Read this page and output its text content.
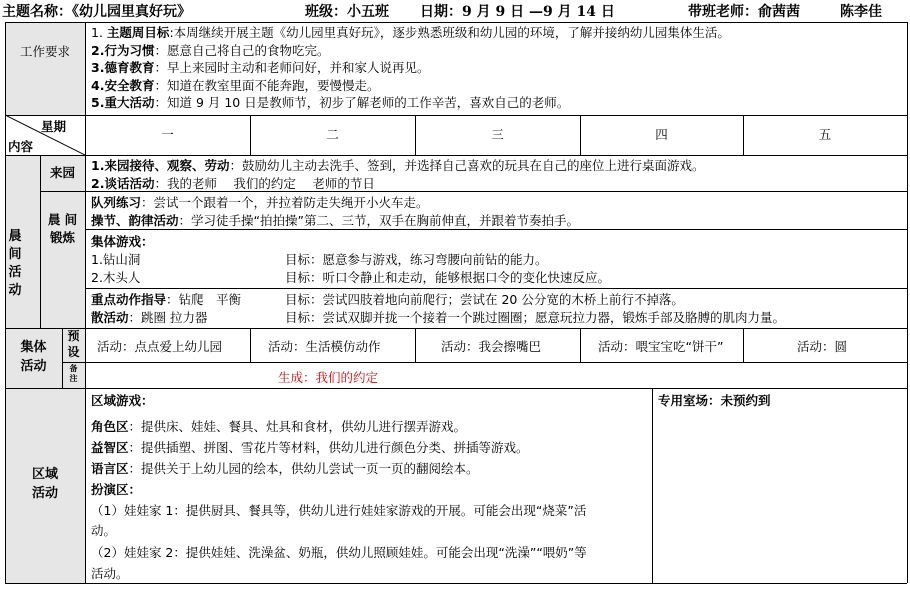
主题名称：《幼儿园里真好玩》	班级：小五班 日期：9 月 9 日 —9 月 14 日	带班老师：俞茜茜	陈李佳
工作要求
1. 主题周目标:本周继续开展主题《幼儿园里真好玩》，逐步熟悉班级和幼儿园的环境，了解并接纳幼儿园集体生活。
2.行为习惯：愿意自己将自己的食物吃完。
3.德育教育：早上来园时主动和老师问好，并和家人说再见。
4.安全教育：知道在教室里面不能奔跑，要慢慢走。
5.重大活动：知道 9 月 10 日是教师节，初步了解老师的工作辛苦，喜欢自己的老师。
星期
内容
一	二	三	四	五
晨
间
活
动
来园
晨 间
锻炼
1.来园接待、观察、劳动：鼓励幼儿主动去洗手、签到，并选择自己喜欢的玩具在自己的座位上进行桌面游戏。
2.谈话活动：我的老师　 我们的约定　 老师的节日
队列练习：尝试一个跟着一个，并拉着防走失绳开小火车走。
操节、韵律活动：学习徒手操“拍拍操”第二、三节，双手在胸前伸直，并跟着节奏拍手。
集体游戏：
1.钻山洞	目标：愿意参与游戏，练习弯腰向前钻的能力。
2.木头人	目标：听口令静止和走动，能够根据口令的变化快速反应。
重点动作指导：钻爬　平衡	目标：尝试四肢着地向前爬行；尝试在 20 公分宽的木桥上前行不掉落。
散活动：跳圈 拉力器	目标：尝试双脚并拢一个接着一个跳过圈圈；愿意玩拉力器，锻炼手部及胳膊的肌肉力量。
集体
活动
预
设
备
注
活动：点点爱上幼儿园	活动：生活模仿动作	活动：我会擦嘴巴	活动：喂宝宝吃“饼干”	活动：圆
生成：我们的约定
区域
活动
区域游戏：
角色区：提供床、娃娃、餐具、灶具和食材，供幼儿进行摆弄游戏。
益智区：提供插塑、拼图、雪花片等材料，供幼儿进行颜色分类、拼插等游戏。
语言区：提供关于上幼儿园的绘本，供幼儿尝试一页一页的翻阅绘本。
扮演区：
（1）娃娃家 1：提供厨具、餐具等，供幼儿进行娃娃家游戏的开展。可能会出现“烧菜”活
动。
（2）娃娃家 2：提供娃娃、洗澡盆、奶瓶，供幼儿照顾娃娃。可能会出现“洗澡”“喂奶”等
活动。
专用室场：未预约到
